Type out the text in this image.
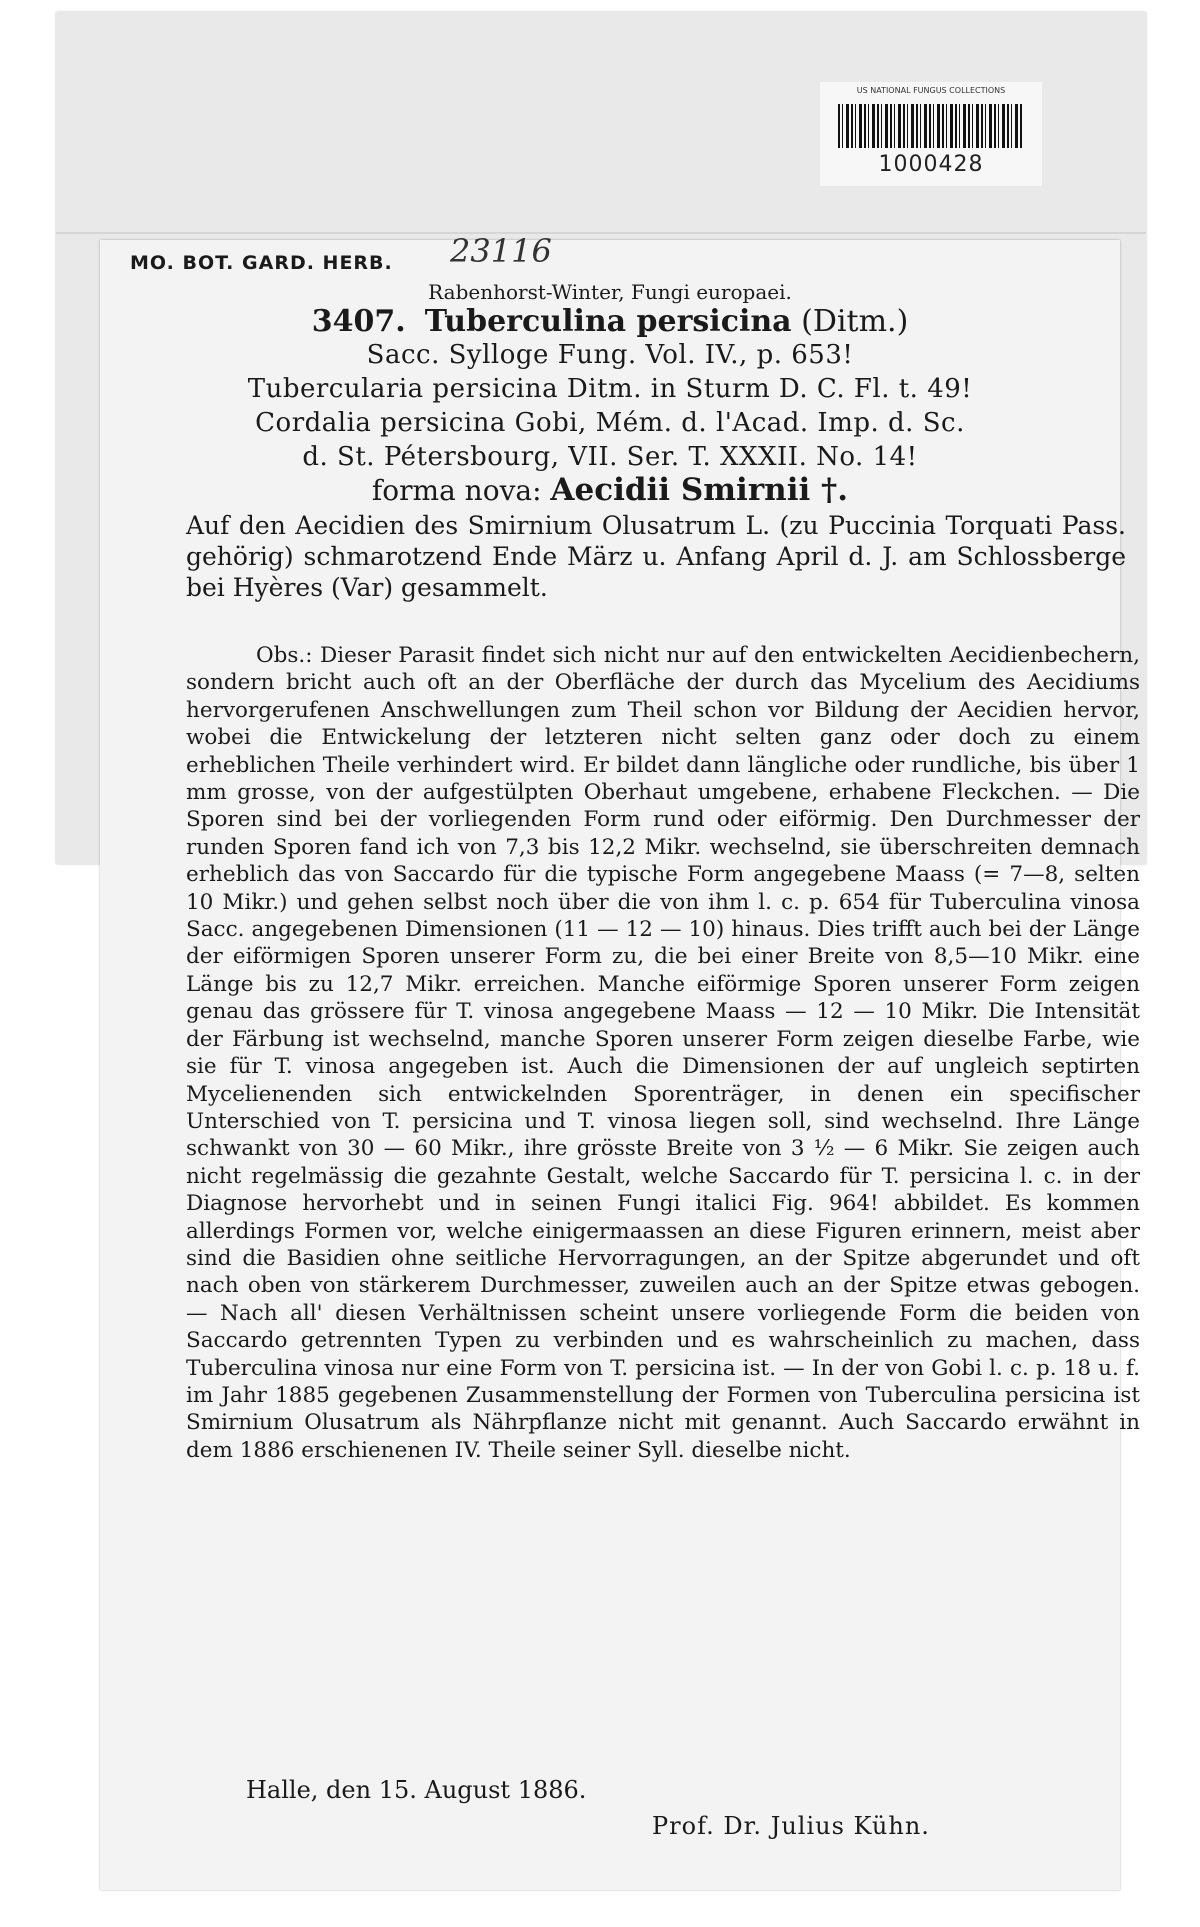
US NATIONAL FUNGUS COLLECTIONS
1000428
MO. BOT. GARD. HERB. 23116
Rabenhorst-Winter, Fungi europaei.
3407. Tuberculina persicina (Ditm.)
Sacc. Sylloge Fung. Vol. IV., p. 653!
Tubercularia persicina Ditm. in Sturm D. C. Fl. t. 49!
Cordalia persicina Gobi, Mém. d. l'Acad. Imp. d. Sc.
d. St. Pétersbourg, VII. Ser. T. XXXII. No. 14!
forma nova: Aecidii Smirnii †.
Auf den Aecidien des Smirnium Olusatrum L. (zu Puccinia Torquati Pass. gehörig) schmarotzend Ende März u. Anfang April d. J. am Schlossberge bei Hyères (Var) gesammelt.
Obs.: Dieser Parasit findet sich nicht nur auf den entwickelten Aecidienbechern, sondern bricht auch oft an der Oberfläche der durch das Mycelium des Aecidiums hervorgerufenen Anschwellungen zum Theil schon vor Bildung der Aecidien hervor, wobei die Entwickelung der letzteren nicht selten ganz oder doch zu einem erheblichen Theile verhindert wird. Er bildet dann längliche oder rundliche, bis über 1 mm grosse, von der aufgestülpten Oberhaut umgebene, erhabene Fleckchen. — Die Sporen sind bei der vorliegenden Form rund oder eiförmig. Den Durchmesser der runden Sporen fand ich von 7,3 bis 12,2 Mikr. wechselnd, sie überschreiten demnach erheblich das von Saccardo für die typische Form angegebene Maass (= 7—8, selten 10 Mikr.) und gehen selbst noch über die von ihm l. c. p. 654 für Tuberculina vinosa Sacc. angegebenen Dimensionen (11 — 12 — 10) hinaus. Dies trifft auch bei der Länge der eiförmigen Sporen unserer Form zu, die bei einer Breite von 8,5—10 Mikr. eine Länge bis zu 12,7 Mikr. erreichen. Manche eiförmige Sporen unserer Form zeigen genau das grössere für T. vinosa angegebene Maass — 12 — 10 Mikr. Die Intensität der Färbung ist wechselnd, manche Sporen unserer Form zeigen dieselbe Farbe, wie sie für T. vinosa angegeben ist. Auch die Dimensionen der auf ungleich septirten Mycelienenden sich entwickelnden Sporenträger, in denen ein specifischer Unterschied von T. persicina und T. vinosa liegen soll, sind wechselnd. Ihre Länge schwankt von 30 — 60 Mikr., ihre grösste Breite von 3 ½ — 6 Mikr. Sie zeigen auch nicht regelmässig die gezahnte Gestalt, welche Saccardo für T. persicina l. c. in der Diagnose hervorhebt und in seinen Fungi italici Fig. 964! abbildet. Es kommen allerdings Formen vor, welche einigermaassen an diese Figuren erinnern, meist aber sind die Basidien ohne seitliche Hervorragungen, an der Spitze abgerundet und oft nach oben von stärkerem Durchmesser, zuweilen auch an der Spitze etwas gebogen. — Nach all' diesen Verhältnissen scheint unsere vorliegende Form die beiden von Saccardo getrennten Typen zu verbinden und es wahrscheinlich zu machen, dass Tuberculina vinosa nur eine Form von T. persicina ist. — In der von Gobi l. c. p. 18 u. f. im Jahr 1885 gegebenen Zusammenstellung der Formen von Tuberculina persicina ist Smirnium Olusatrum als Nährpflanze nicht mit genannt. Auch Saccardo erwähnt in dem 1886 erschienenen IV. Theile seiner Syll. dieselbe nicht.
Halle, den 15. August 1886.
Prof. Dr. Julius Kühn.
